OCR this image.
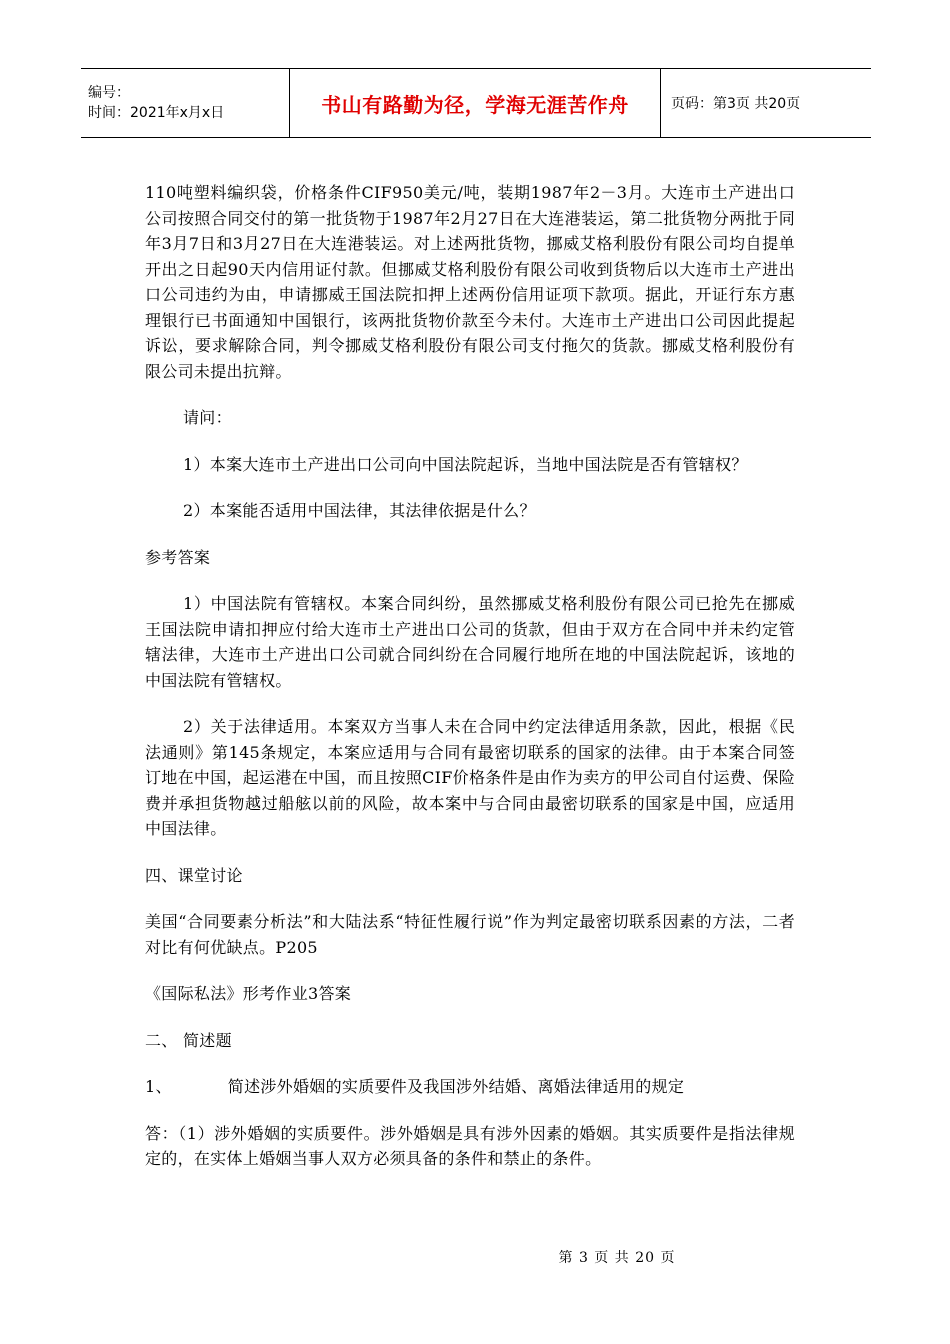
编号：
时间：2021年x月x日	书山有路勤为径，学海无涯苦作舟	页码：第3页 共20页

110吨塑料编织袋，价格条件CIF950美元/吨，装期1987年2－3月。大连市土产进出口公司按照合同交付的第一批货物于1987年2月27日在大连港装运，第二批货物分两批于同年3月7日和3月27日在大连港装运。对上述两批货物，挪威艾格利股份有限公司均自提单开出之日起90天内信用证付款。但挪威艾格利股份有限公司收到货物后以大连市土产进出口公司违约为由，申请挪威王国法院扣押上述两份信用证项下款项。据此，开证行东方惠理银行已书面通知中国银行，该两批货物价款至今未付。大连市土产进出口公司因此提起诉讼，要求解除合同，判令挪威艾格利股份有限公司支付拖欠的货款。挪威艾格利股份有限公司未提出抗辩。

请问：

1）本案大连市土产进出口公司向中国法院起诉，当地中国法院是否有管辖权？

2）本案能否适用中国法律，其法律依据是什么？

参考答案

1）中国法院有管辖权。本案合同纠纷，虽然挪威艾格利股份有限公司已抢先在挪威王国法院申请扣押应付给大连市土产进出口公司的货款，但由于双方在合同中并未约定管辖法律，大连市土产进出口公司就合同纠纷在合同履行地所在地的中国法院起诉，该地的中国法院有管辖权。

2）关于法律适用。本案双方当事人未在合同中约定法律适用条款，因此，根据《民法通则》第145条规定，本案应适用与合同有最密切联系的国家的法律。由于本案合同签订地在中国，起运港在中国，而且按照CIF价格条件是由作为卖方的甲公司自付运费、保险费并承担货物越过船舷以前的风险，故本案中与合同由最密切联系的国家是中国，应适用中国法律。

四、课堂讨论

美国“合同要素分析法”和大陆法系“特征性履行说”作为判定最密切联系因素的方法，二者对比有何优缺点。P205

《国际私法》形考作业3答案

二、 简述题

1、	简述涉外婚姻的实质要件及我国涉外结婚、离婚法律适用的规定

答：（1）涉外婚姻的实质要件。涉外婚姻是具有涉外因素的婚姻。其实质要件是指法律规定的，在实体上婚姻当事人双方必须具备的条件和禁止的条件。

第 3 页 共 20 页
